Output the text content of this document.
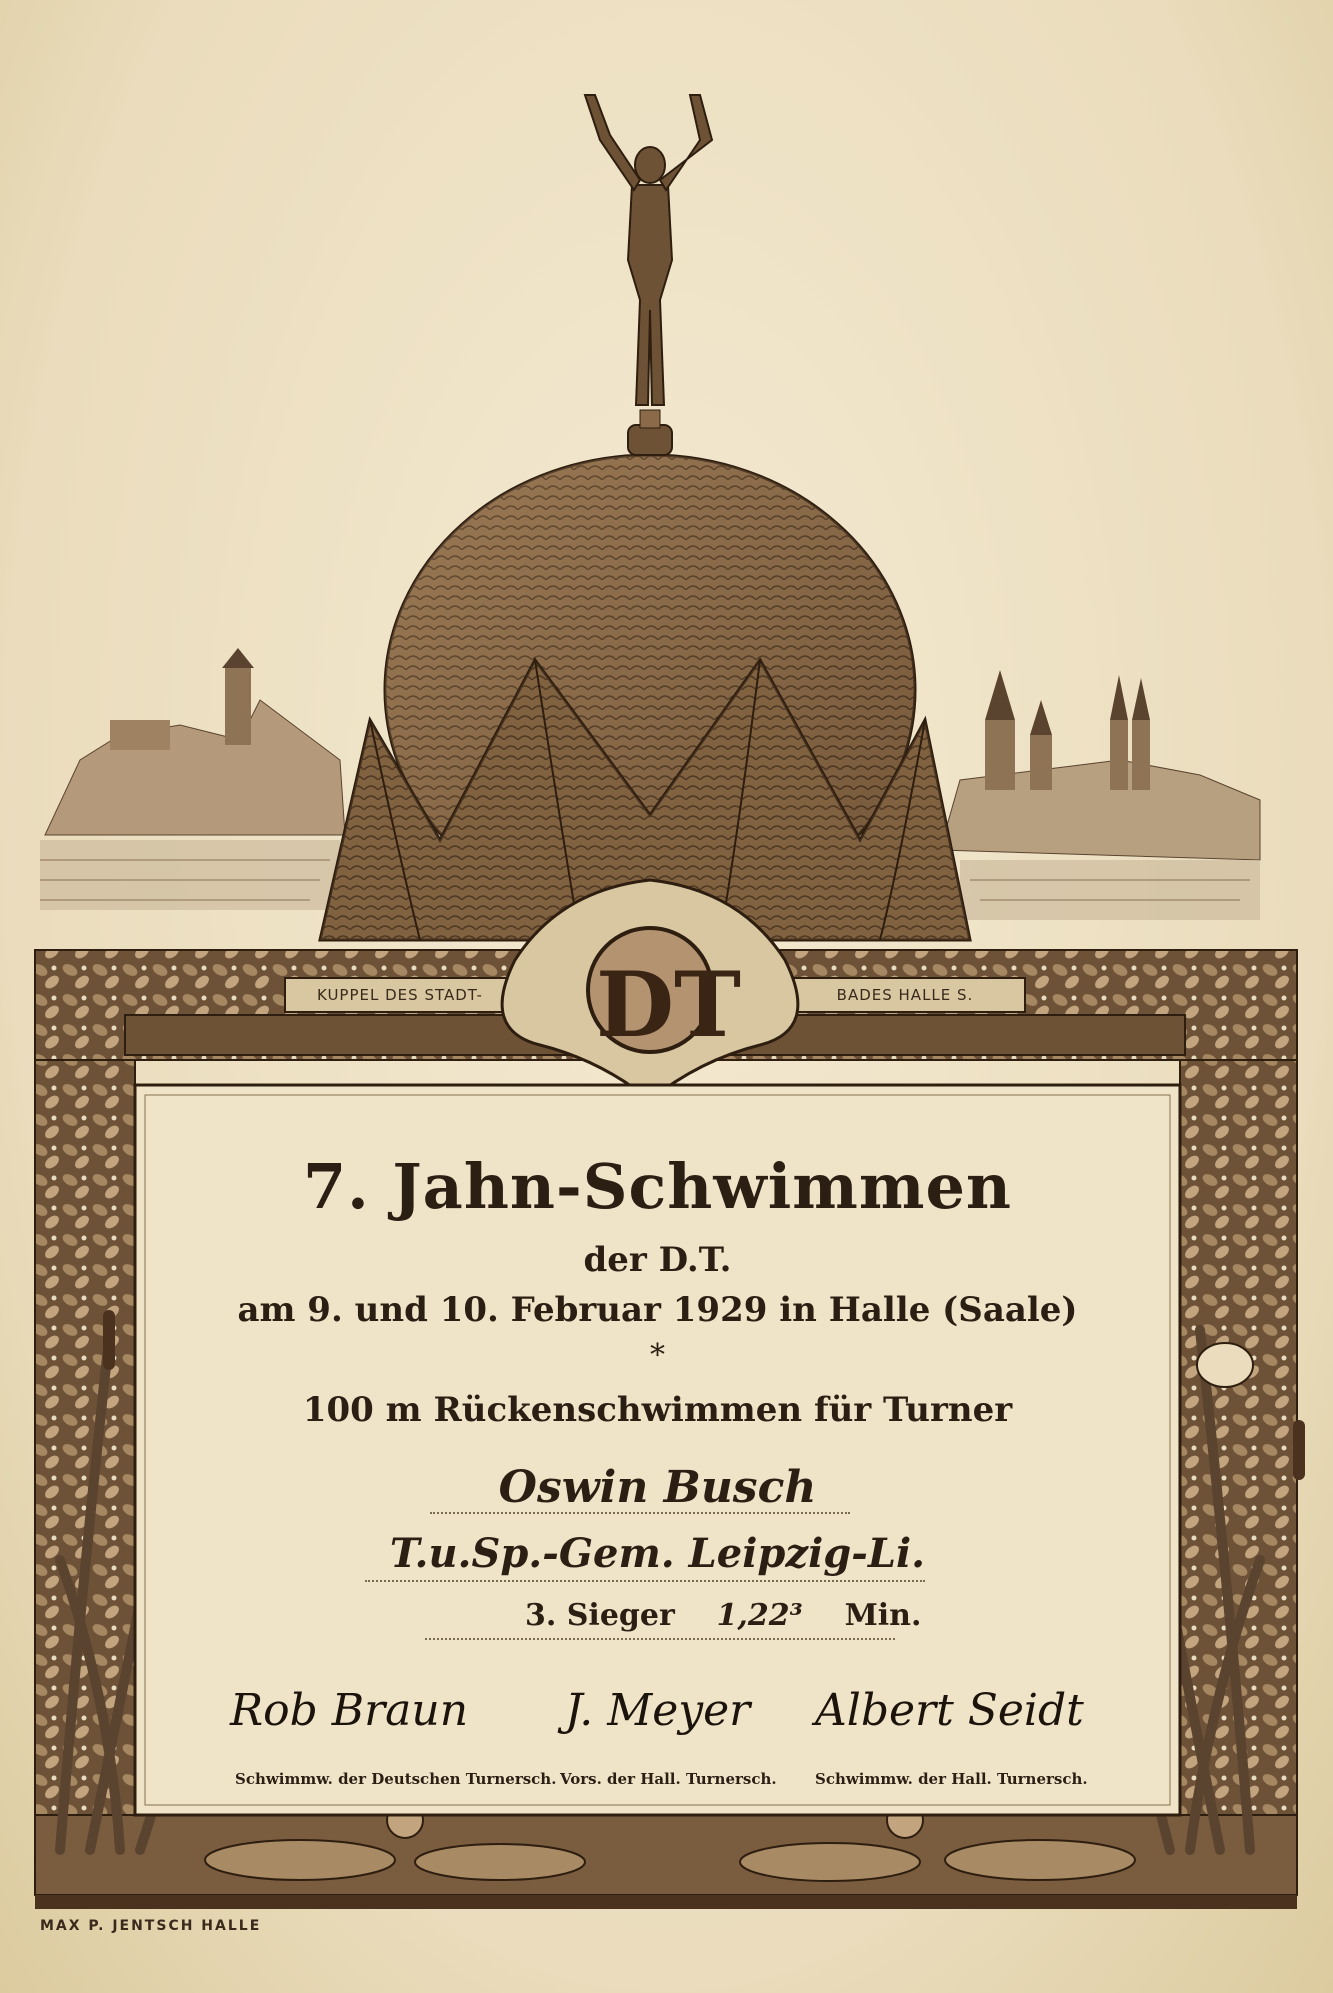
KUPPEL DES STADT-	BADES HALLE S.
DT
7. Jahn-Schwimmen
der D.T.
am 9. und 10. Februar 1929 in Halle (Saale)
*
100 m Rückenschwimmen für Turner
Oswin Busch
T.u.Sp.-Gem. Leipzig-Li.
3. Sieger 1,22³ Min.
Rob Braun J. Meyer Albert Seidt
Schwimmw. der Deutschen Turnersch. Vors. der Hall. Turnersch.	Schwimmw. der Hall. Turnersch.
MAX P. JENTSCH HALLE
